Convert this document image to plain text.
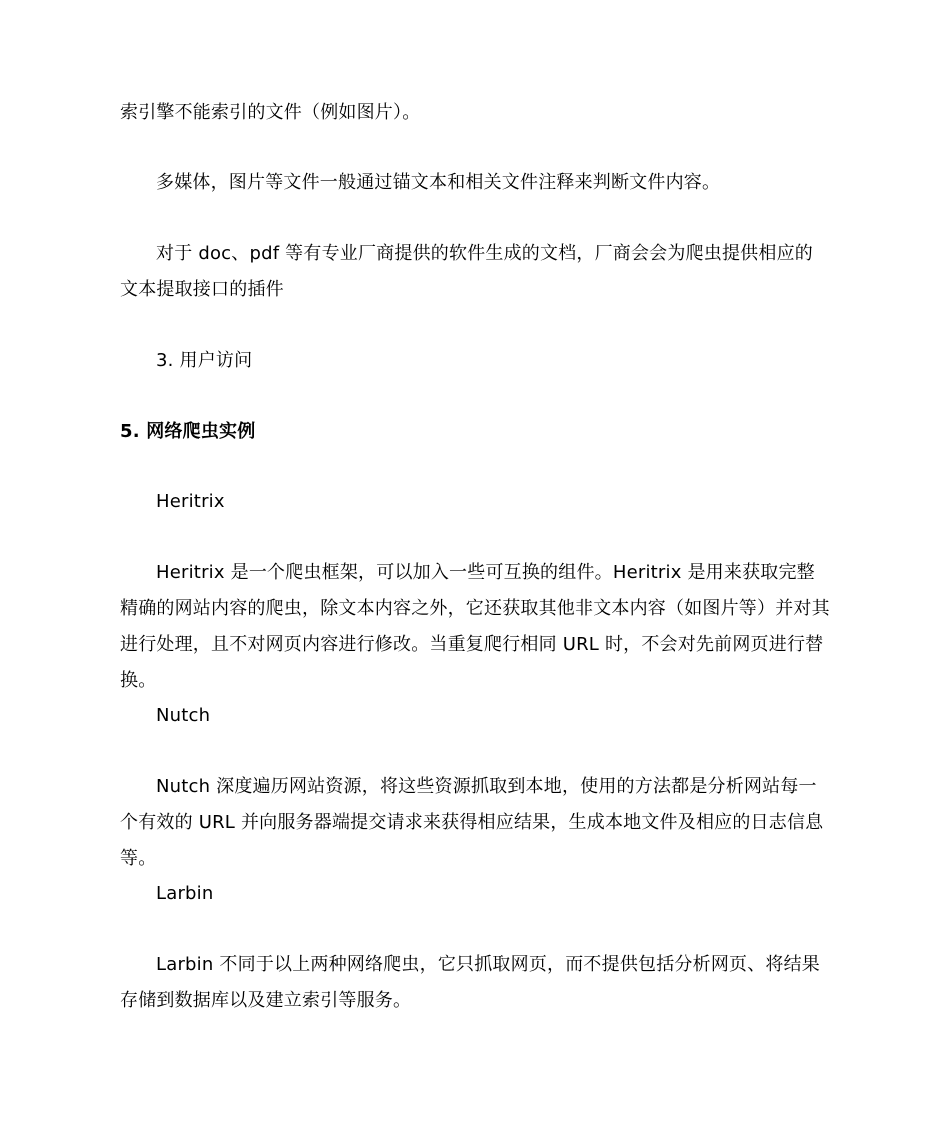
索引擎不能索引的文件（例如图片）。

多媒体，图片等文件一般通过锚文本和相关文件注释来判断文件内容。

对于 doc、pdf 等有专业厂商提供的软件生成的文档，厂商会会为爬虫提供相应的文本提取接口的插件

3. 用户访问

5. 网络爬虫实例

Heritrix

Heritrix 是一个爬虫框架，可以加入一些可互换的组件。Heritrix 是用来获取完整精确的网站内容的爬虫，除文本内容之外，它还获取其他非文本内容（如图片等）并对其进行处理，且不对网页内容进行修改。当重复爬行相同 URL 时，不会对先前网页进行替换。

Nutch

Nutch 深度遍历网站资源，将这些资源抓取到本地，使用的方法都是分析网站每一个有效的 URL 并向服务器端提交请求来获得相应结果，生成本地文件及相应的日志信息等。

Larbin

Larbin 不同于以上两种网络爬虫，它只抓取网页，而不提供包括分析网页、将结果存储到数据库以及建立索引等服务。
